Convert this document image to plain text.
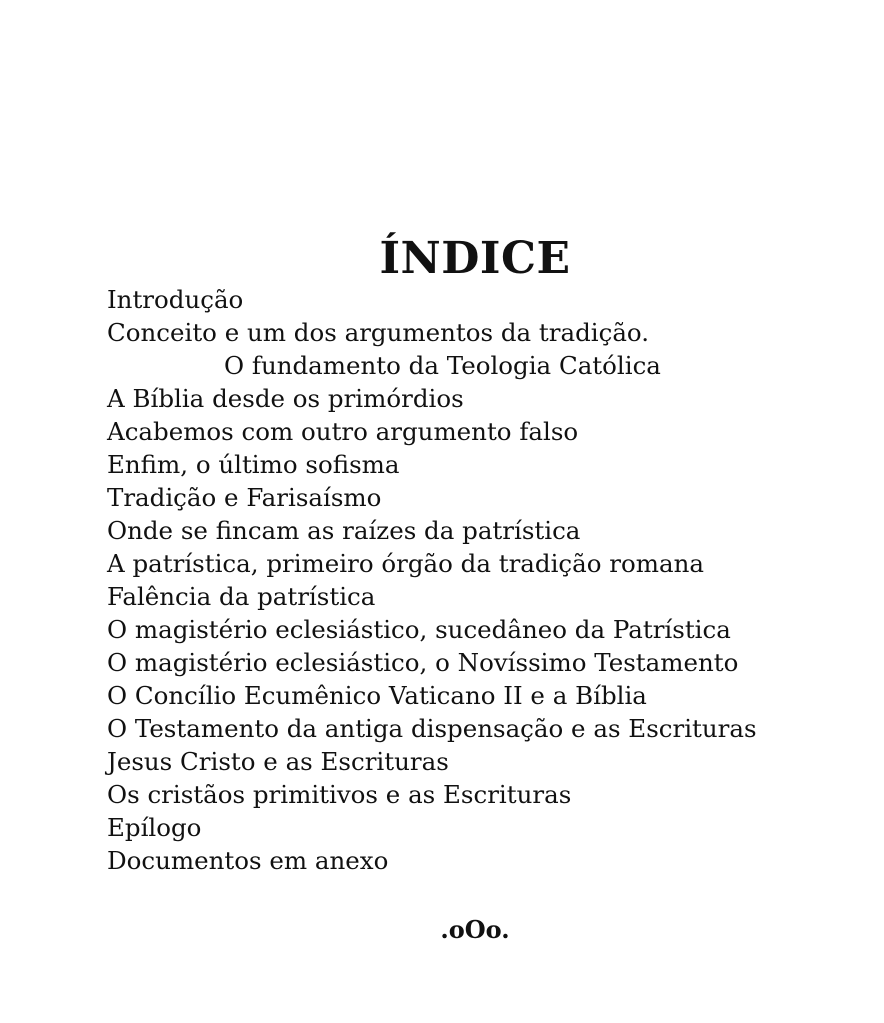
ÍNDICE
Introdução
Conceito e um dos argumentos da tradição.
O fundamento da Teologia Católica
A Bíblia desde os primórdios
Acabemos com outro argumento falso
Enfim, o último sofisma
Tradição e Farisaísmo
Onde se fincam as raízes da patrística
A patrística, primeiro órgão da tradição romana
Falência da patrística
O magistério eclesiástico, sucedâneo da Patrística
O magistério eclesiástico, o Novíssimo Testamento
O Concílio Ecumênico Vaticano II e a Bíblia
O Testamento da antiga dispensação e as Escrituras
Jesus Cristo e as Escrituras
Os cristãos primitivos e as Escrituras
Epílogo
Documentos em anexo
.oOo.
